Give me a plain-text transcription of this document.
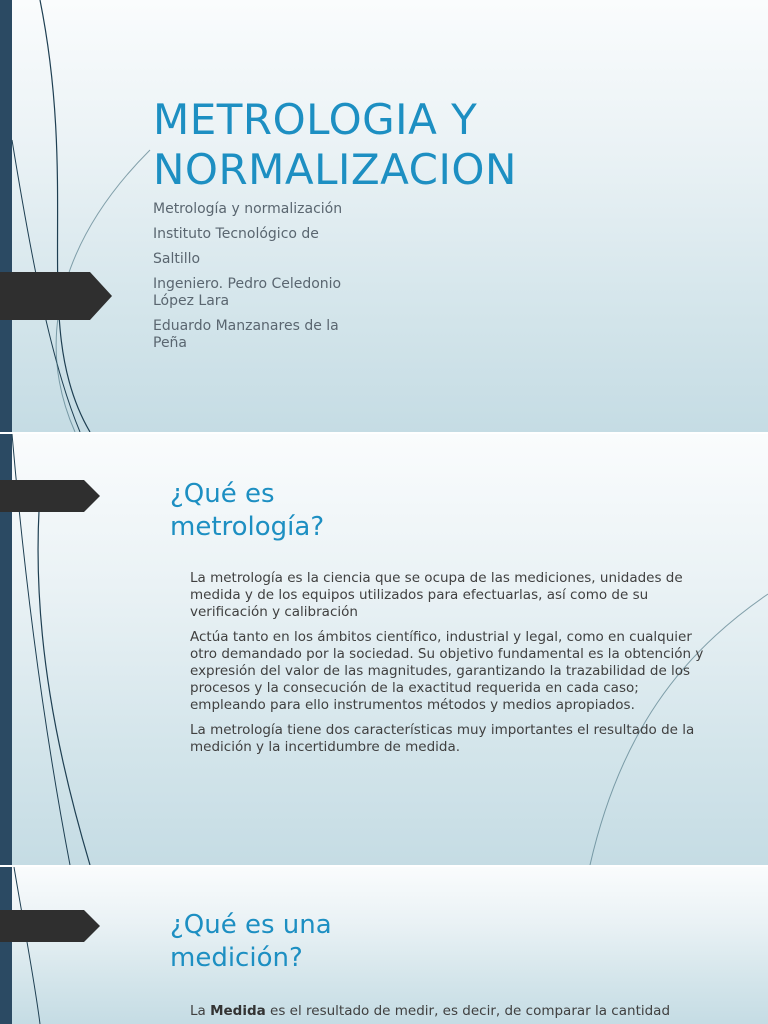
METROLOGIA Y
NORMALIZACION
Metrología y normalización
Instituto Tecnológico de
Saltillo
Ingeniero. Pedro Celedonio López Lara
Eduardo Manzanares de la Peña
¿Qué es
metrología?
La metrología es la ciencia que se ocupa de las mediciones, unidades de medida y de los equipos utilizados para efectuarlas, así como de su verificación y calibración
Actúa tanto en los ámbitos científico, industrial y legal, como en cualquier otro demandado por la sociedad. Su objetivo fundamental es la obtención y expresión del valor de las magnitudes, garantizando la trazabilidad de los procesos y la consecución de la exactitud requerida en cada caso; empleando para ello instrumentos métodos y medios apropiados.
La metrología tiene dos características muy importantes el resultado de la medición y la incertidumbre de medida.
¿Qué es una
medición?
La Medida es el resultado de medir, es decir, de comparar la cantidad
